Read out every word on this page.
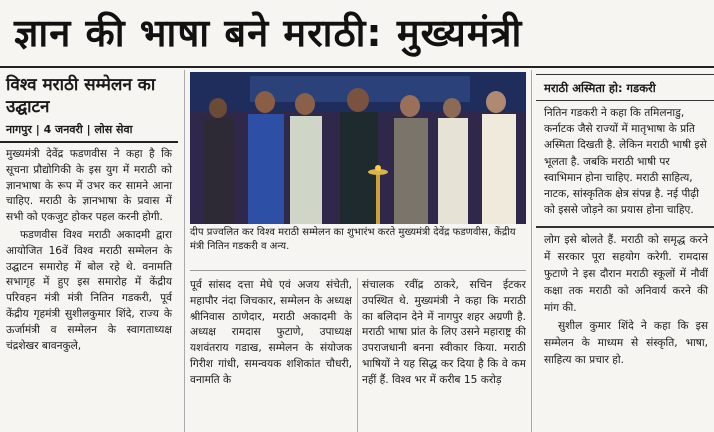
ज्ञान की भाषा बने मराठी: मुख्यमंत्री
विश्व मराठी सम्मेलन का उद्घाटन
नागपुर | 4 जनवरी | लोस सेवा
मुख्यमंत्री देवेंद्र फडणवीस ने कहा है कि सूचना प्रौद्योगिकी के इस युग में मराठी को ज्ञानभाषा के रूप में उभर कर सामने आना चाहिए. मराठी के ज्ञानभाषा के प्रवास में सभी को एकजुट होकर पहल करनी होगी.
फडणवीस विश्व मराठी अकादमी द्वारा आयोजित 16वें विश्व मराठी सम्मेलन के उद्घाटन समारोह में बोल रहे थे. वनामति सभागृह में हुए इस समारोह में केंद्रीय परिवहन मंत्री मंत्री नितिन गडकरी, पूर्व केंद्रीय गृहमंत्री सुशीलकुमार शिंदे, राज्य के ऊर्जामंत्री व सम्मेलन के स्वागताध्यक्ष चंद्रशेखर बावनकुले,
दीप प्रज्वलित कर विश्व मराठी सम्मेलन का शुभारंभ करते मुख्यमंत्री देवेंद्र फडणवीस, केंद्रीय मंत्री नितिन गडकरी व अन्य.
पूर्व सांसद दत्ता मेघे एवं अजय संचेती, महापौर नंदा जिचकार, सम्मेलन के अध्यक्ष श्रीनिवास ठाणेदार, मराठी अकादमी के अध्यक्ष रामदास फुटाणे, उपाध्यक्ष यशवंतराय गडाख, सम्मेलन के संयोजक गिरीश गांधी, समन्वयक शशिकांत चौधरी, वनामति के
संचालक रवींद्र ठाकरे, सचिन ईटकर उपस्थित थे. मुख्यमंत्री ने कहा कि मराठी का बलिदान देने में नागपुर शहर अग्रणी है. मराठी भाषा प्रांत के लिए उसने महाराष्ट्र की उपराजधानी बनना स्वीकार किया. मराठी भाषियों ने यह सिद्ध कर दिया है कि वे कम नहीं हैं. विश्व भर में करीब 15 करोड़
मराठी अस्मिता हो: गडकरी
नितिन गडकरी ने कहा कि तमिलनाडु, कर्नाटक जैसे राज्यों में मातृभाषा के प्रति अस्मिता दिखती है. लेकिन मराठी भाषी इसे भूलता है. जबकि मराठी भाषी पर स्वाभिमान होना चाहिए. मराठी साहित्य, नाटक, सांस्कृतिक क्षेत्र संपन्न है. नई पीढ़ी को इससे जोड़ने का प्रयास होना चाहिए.
लोग इसे बोलते हैं. मराठी को समृद्ध करने में सरकार पूरा सहयोग करेगी. रामदास फुटाणे ने इस दौरान मराठी स्कूलों में नौवीं कक्षा तक मराठी को अनिवार्य करने की मांग की.
सुशील कुमार शिंदे ने कहा कि इस सम्मेलन के माध्यम से संस्कृति, भाषा, साहित्य का प्रचार हो.
